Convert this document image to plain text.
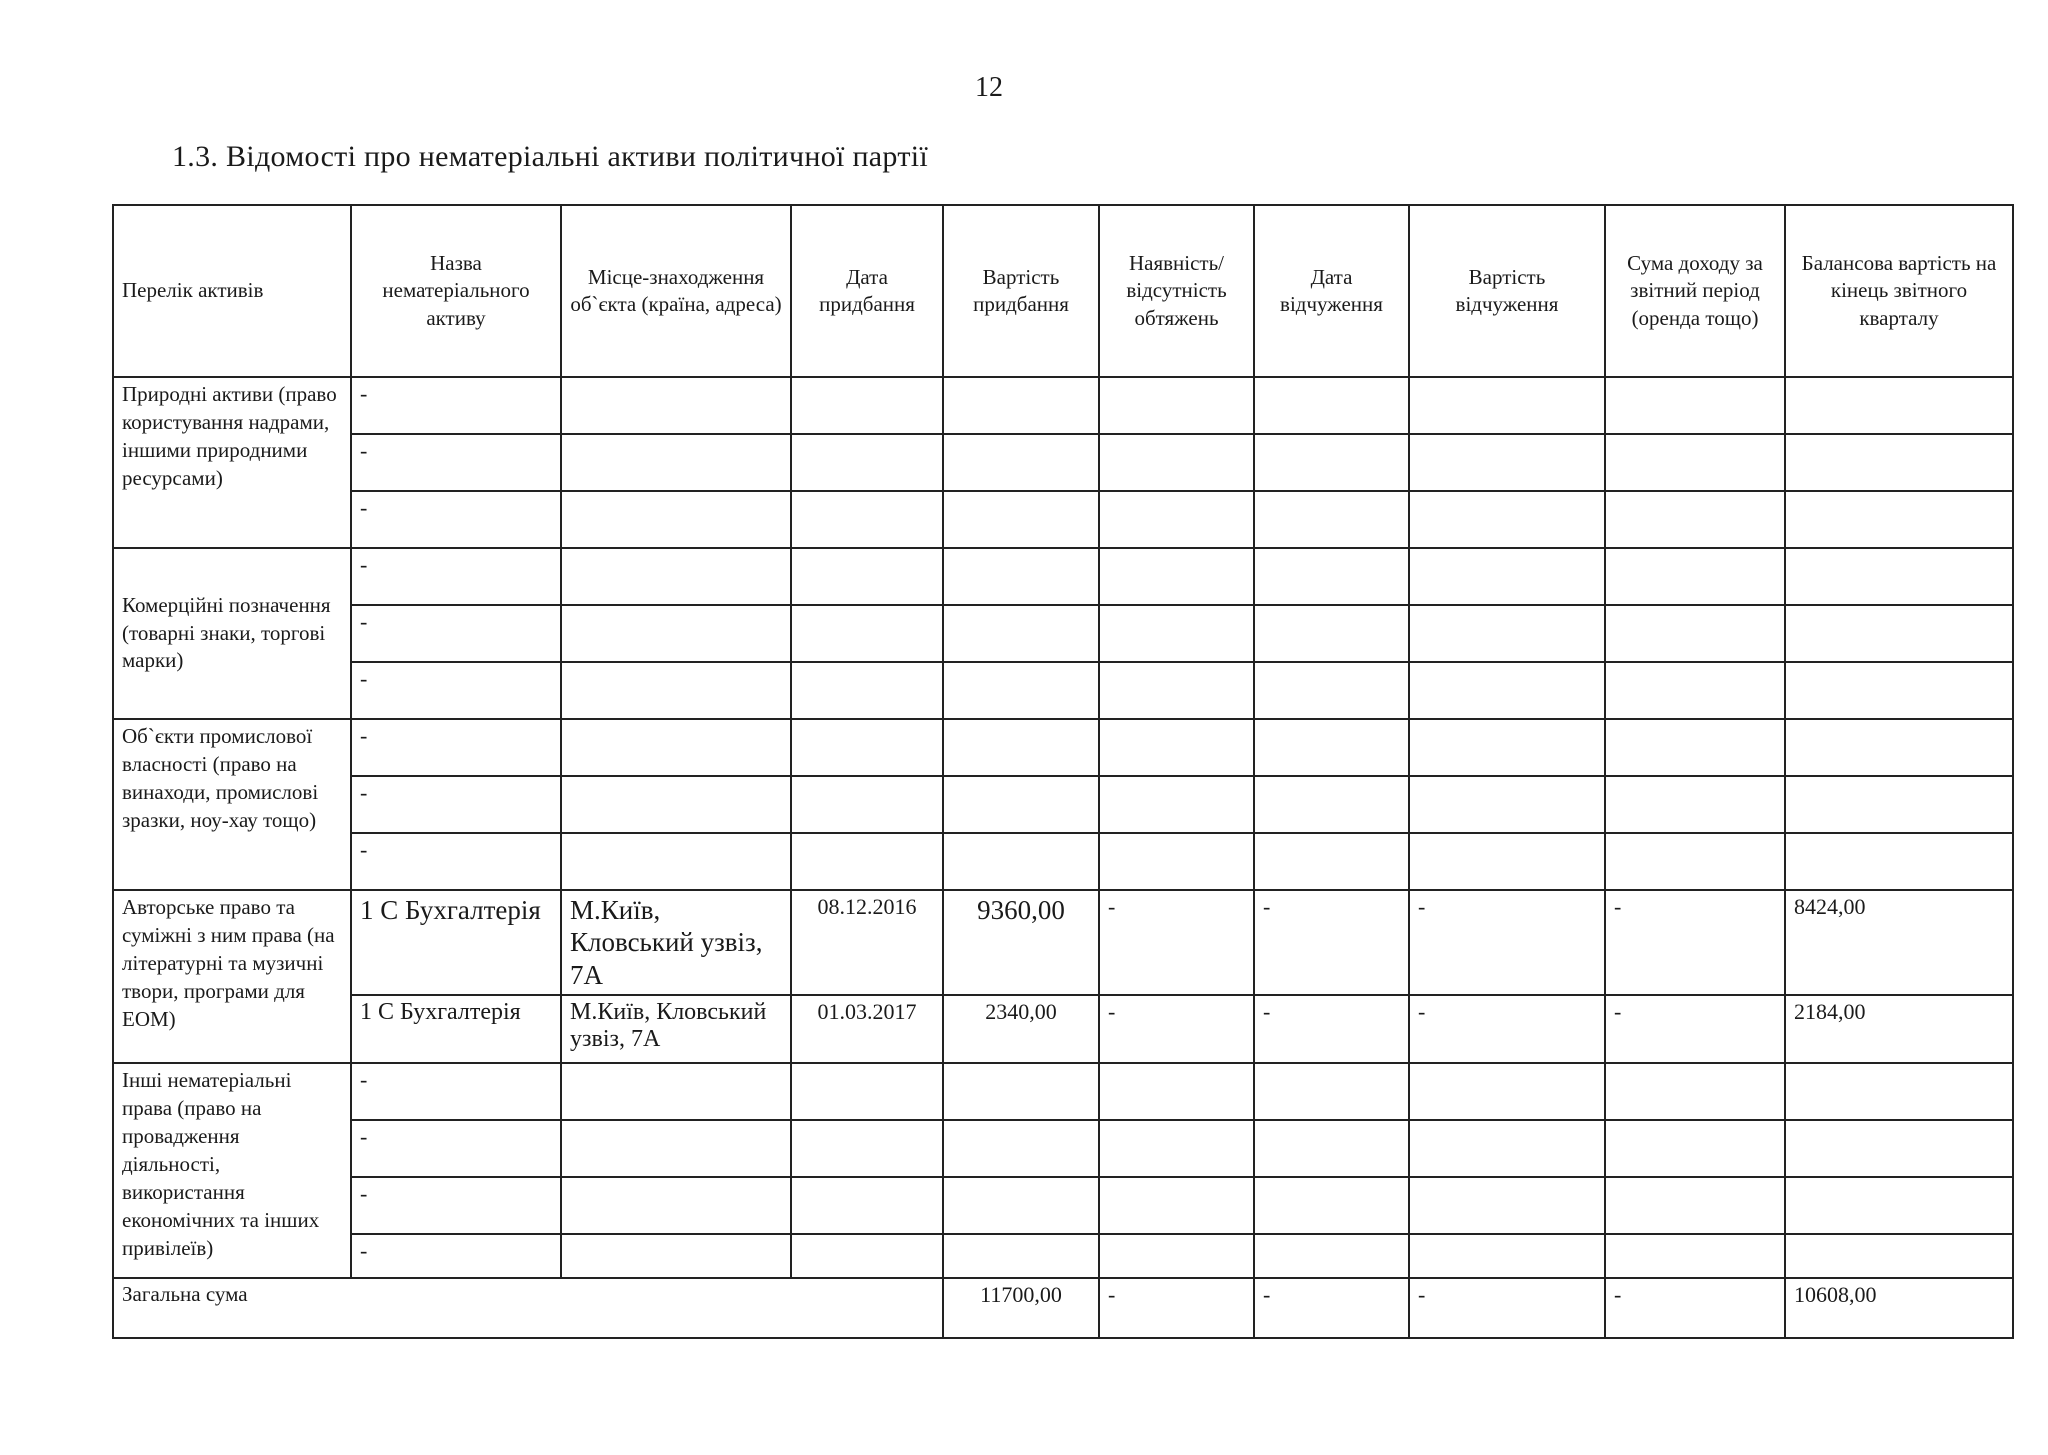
12
1.3. Відомості про нематеріальні активи політичної партії
Перелік активів	Назва нематеріального активу	Місце-знаходження об`єкта (країна, адреса)	Дата придбання	Вартість придбання	Наявність/ відсутність обтяжень	Дата відчуження	Вартість відчуження	Сума доходу за звітний період (оренда тощо)	Балансова вартість на кінець звітного кварталу
Природні активи (право користування надрами, іншими природними ресурсами)	-								
	-								
	-								
Комерційні позначення (товарні знаки, торгові марки)	-								
	-								
	-								
Об`єкти промислової власності (право на винаходи, промислові зразки, ноу-хау тощо)	-								
	-								
	-								
Авторське право та суміжні з ним права (на літературні та музичні твори, програми для ЕОМ)	1 С Бухгалтерія	М.Київ, Кловський узвіз, 7А	08.12.2016	9360,00	-	-	-	-	8424,00
	1 С Бухгалтерія	М.Київ, Кловський узвіз, 7А	01.03.2017	2340,00	-	-	-	-	2184,00
Інші нематеріальні права (право на провадження діяльності, використання економічних та інших привілеїв)	-								
	-								
	-								
	-								
Загальна сума				11700,00	-	-	-	-	10608,00
